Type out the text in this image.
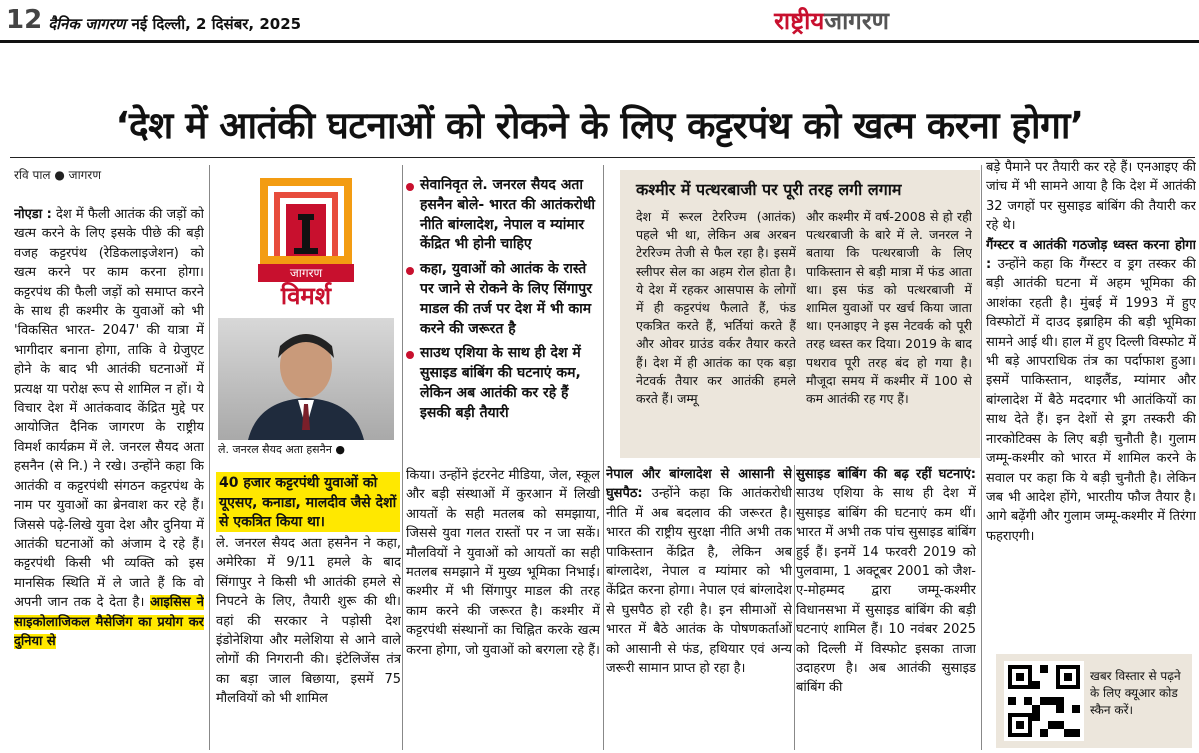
12 दैनिक जागरण नई दिल्ली, 2 दिसंबर, 2025	राष्ट्रीयजागरण
‘देश में आतंकी घटनाओं को रोकने के लिए कट्टरपंथ को खत्म करना होगा’
रवि पाल ● जागरण
नोएडा : देश में फैली आतंक की जड़ों को खत्म करने के लिए इसके पीछे की बड़ी वजह कट्टरपंथ (रेडिकलाइजेशन) को खत्म करने पर काम करना होगा। कट्टरपंथ की फैली जड़ों को समाप्त करने के साथ ही कश्मीर के युवाओं को भी 'विकसित भारत- 2047' की यात्रा में भागीदार बनाना होगा, ताकि वे ग्रेजुएट होने के बाद भी आतंकी घटनाओं में प्रत्यक्ष या परोक्ष रूप से शामिल न हों। ये विचार देश में आतंकवाद केंद्रित मुद्दे पर आयोजित दैनिक जागरण के राष्ट्रीय विमर्श कार्यक्रम में ले. जनरल सैयद अता हसनैन (से नि.) ने रखे। उन्होंने कहा कि आतंकी व कट्टरपंथी संगठन कट्टरपंथ के नाम पर युवाओं का ब्रेनवाश कर रहे हैं। जिससे पढ़े-लिखे युवा देश और दुनिया में आतंकी घटनाओं को अंजाम दे रहे हैं। कट्टरपंथी किसी भी व्यक्ति को इस मानसिक स्थिति में ले जाते हैं कि वो अपनी जान तक दे देता है। आइसिस ने साइकोलाजिकल मैसेजिंग का प्रयोग कर दुनिया से
जागरण
विमर्श
ले. जनरल सैयद अता हसनैन ●
40 हजार कट्टरपंथी युवाओं को यूएसए, कनाडा, मालदीव जैसे देशों से एकत्रित किया था।
ले. जनरल सैयद अता हसनैन ने कहा, अमेरिका में 9/11 हमले के बाद सिंगापुर ने किसी भी आतंकी हमले से निपटने के लिए, तैयारी शुरू की थी। वहां की सरकार ने पड़ोसी देश इंडोनेशिया और मलेशिया से आने वाले लोगों की निगरानी की। इंटेलिजेंस तंत्र का बड़ा जाल बिछाया, इसमें 75 मौलवियों को भी शामिल
सेवानिवृत ले. जनरल सैयद अता हसनैन बोले- भारत की आतंकरोधी नीति बांग्लादेश, नेपाल व म्यांमार केंद्रित भी होनी चाहिए
कहा, युवाओं को आतंक के रास्ते पर जाने से रोकने के लिए सिंगापुर माडल की तर्ज पर देश में भी काम करने की जरूरत है
साउथ एशिया के साथ ही देश में सुसाइड बांबिंग की घटनाएं कम, लेकिन अब आतंकी कर रहे हैं इसकी बड़ी तैयारी
किया। उन्होंने इंटरनेट मीडिया, जेल, स्कूल और बड़ी संस्थाओं में कुरआन में लिखी आयतों के सही मतलब को समझाया, जिससे युवा गलत रास्तों पर न जा सकें। मौलवियों ने युवाओं को आयतों का सही मतलब समझाने में मुख्य भूमिका निभाई। कश्मीर में भी सिंगापुर माडल की तरह काम करने की जरूरत है। कश्मीर में कट्टरपंथी संस्थानों का चिह्नित करके खत्म करना होगा, जो युवाओं को बरगला रहे हैं।
कश्मीर में पत्थरबाजी पर पूरी तरह लगी लगाम
देश में रूरल टेररिज्म (आतंक) पहले भी था, लेकिन अब अरबन टेररिज्म तेजी से फैल रहा है। इसमें स्लीपर सेल का अहम रोल होता है। ये देश में रहकर आसपास के लोगों में ही कट्टरपंथ फैलाते हैं, फंड एकत्रित करते हैं, भर्तियां करते हैं और ओवर ग्राउंड वर्कर तैयार करते हैं। देश में ही आतंक का एक बड़ा नेटवर्क तैयार कर आतंकी हमले करते हैं। जम्मू
और कश्मीर में वर्ष-2008 से हो रही पत्थरबाजी के बारे में ले. जनरल ने बताया कि पत्थरबाजी के लिए पाकिस्तान से बड़ी मात्रा में फंड आता था। इस फंड को पत्थरबाजी में शामिल युवाओं पर खर्च किया जाता था। एनआइए ने इस नेटवर्क को पूरी तरह ध्वस्त कर दिया। 2019 के बाद पथराव पूरी तरह बंद हो गया है। मौजूदा समय में कश्मीर में 100 से कम आतंकी रह गए हैं।
नेपाल और बांग्लादेश से आसानी से घुसपैठ: उन्होंने कहा कि आतंकरोधी नीति में अब बदलाव की जरूरत है। भारत की राष्ट्रीय सुरक्षा नीति अभी तक पाकिस्तान केंद्रित है, लेकिन अब बांग्लादेश, नेपाल व म्यांमार को भी केंद्रित करना होगा। नेपाल एवं बांग्लादेश से घुसपैठ हो रही है। इन सीमाओं से भारत में बैठे आतंक के पोषणकर्ताओं को आसानी से फंड, हथियार एवं अन्य जरूरी सामान प्राप्त हो रहा है।
सुसाइड बांबिंग की बढ़ रहीं घटनाएं: साउथ एशिया के साथ ही देश में सुसाइड बांबिंग की घटनाएं कम थीं। भारत में अभी तक पांच सुसाइड बांबिंग हुई हैं। इनमें 14 फरवरी 2019 को पुलवामा, 1 अक्टूबर 2001 को जैश-ए-मोहम्मद द्वारा जम्मू-कश्मीर विधानसभा में सुसाइड बांबिंग की बड़ी घटनाएं शामिल हैं। 10 नवंबर 2025 को दिल्ली में विस्फोट इसका ताजा उदाहरण है। अब आतंकी सुसाइड बांबिंग की
बड़े पैमाने पर तैयारी कर रहे हैं। एनआइए की जांच में भी सामने आया है कि देश में आतंकी 32 जगहों पर सुसाइड बांबिंग की तैयारी कर रहे थे।
गैंग्स्टर व आतंकी गठजोड़ ध्वस्त करना होगा : उन्होंने कहा कि गैंग्स्टर व ड्रग तस्कर की बड़ी आतंकी घटना में अहम भूमिका की आशंका रहती है। मुंबई में 1993 में हुए विस्फोटों में दाउद इब्राहिम की बड़ी भूमिका सामने आई थी। हाल में हुए दिल्ली विस्फोट में भी बड़े आपराधिक तंत्र का पर्दाफाश हुआ। इसमें पाकिस्तान, थाइलैंड, म्यांमार और बांग्लादेश में बैठे मददगार भी आतंकियों का साथ देते हैं। इन देशों से ड्रग तस्करी की नारकोटिक्स के लिए बड़ी चुनौती है। गुलाम जम्मू-कश्मीर को भारत में शामिल करने के सवाल पर कहा कि ये बड़ी चुनौती है। लेकिन जब भी आदेश होंगे, भारतीय फौज तैयार है। आगे बढ़ेंगी और गुलाम जम्मू-कश्मीर में तिरंगा फहराएगी।
खबर विस्तार से पढ़ने के लिए क्यूआर कोड स्कैन करें।
